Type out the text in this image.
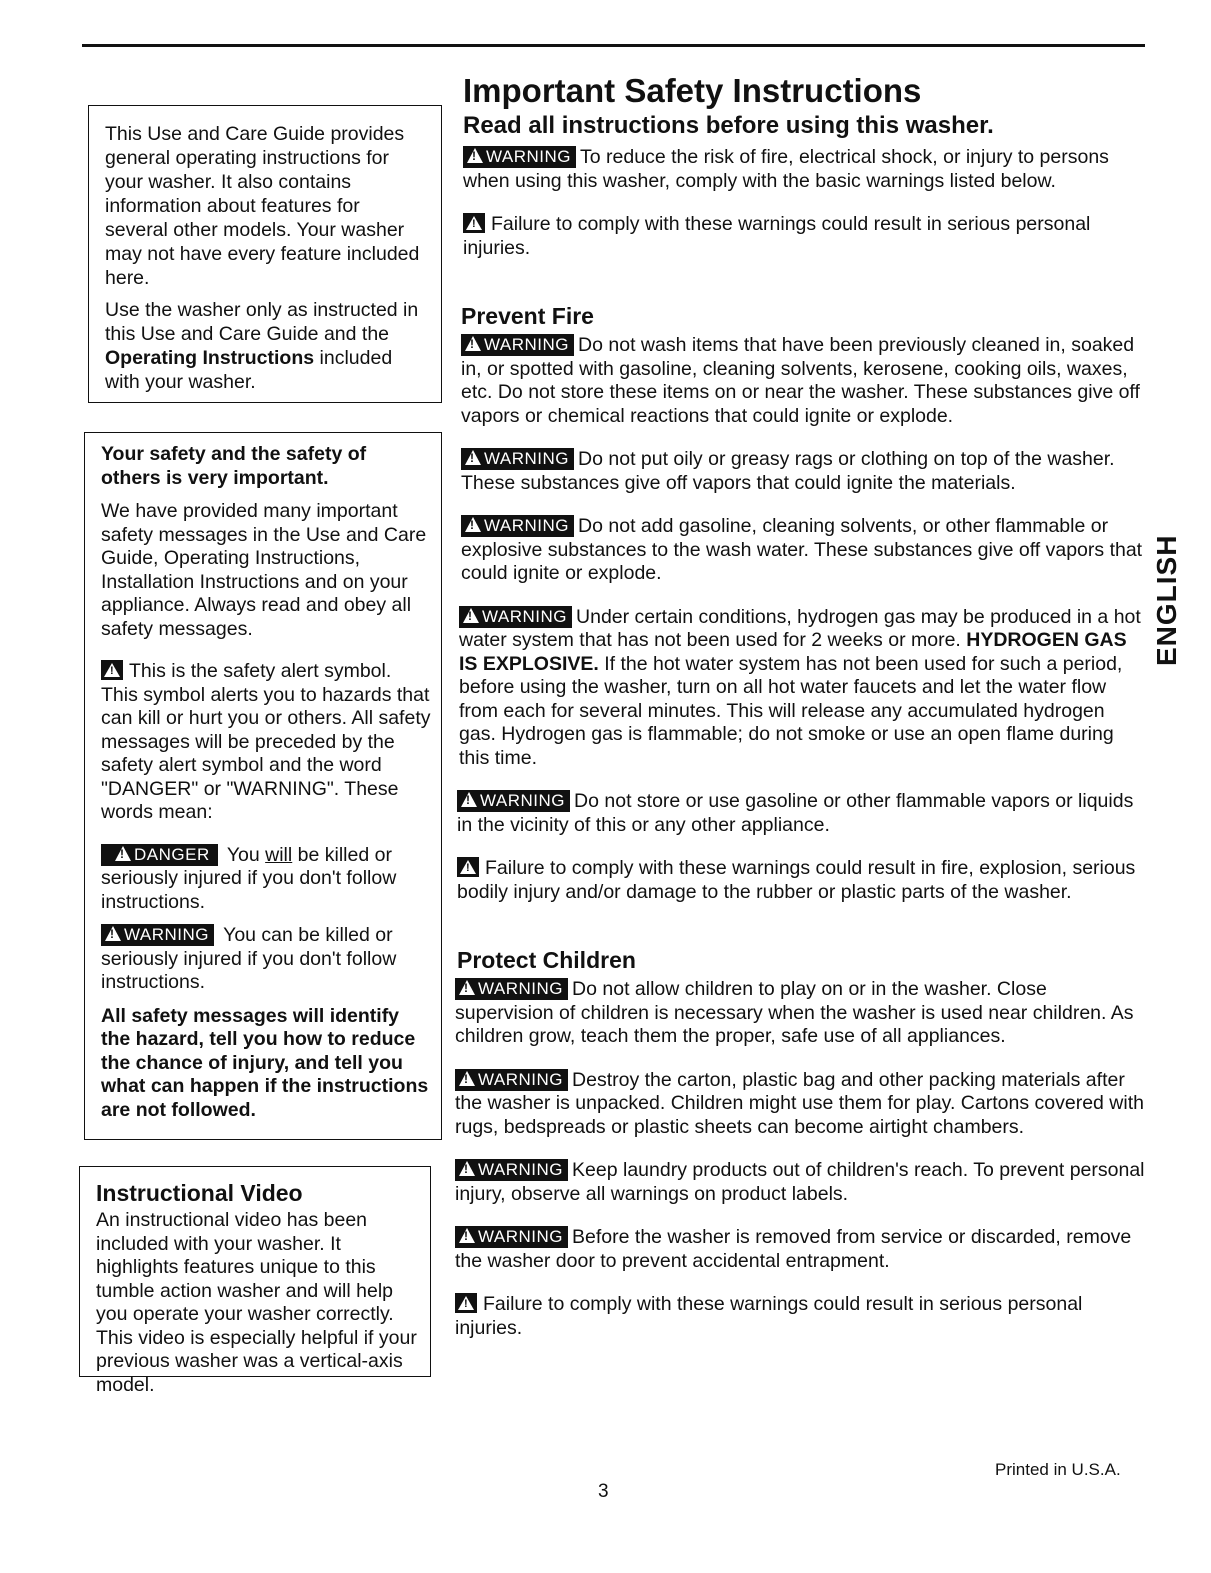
This Use and Care Guide provides general operating instructions for your washer. It also contains information about features for several other models. Your washer may not have every feature included here.

Use the washer only as instructed in this Use and Care Guide and the Operating Instructions included with your washer.

Your safety and the safety of others is very important.

We have provided many important safety messages in the Use and Care Guide, Operating Instructions, Installation Instructions and on your appliance. Always read and obey all safety messages.

!This is the safety alert symbol. This symbol alerts you to hazards that can kill or hurt you or others. All safety messages will be preceded by the safety alert symbol and the word "DANGER" or "WARNING". These words mean:

!DANGER You will be killed or seriously injured if you don't follow instructions.

!WARNING You can be killed or seriously injured if you don't follow instructions.

All safety messages will identify the hazard, tell you how to reduce the chance of injury, and tell you what can happen if the instructions are not followed.

Instructional Video

An instructional video has been included with your washer. It highlights features unique to this tumble action washer and will help you operate your washer correctly. This video is especially helpful if your previous washer was a vertical-axis model.

Important Safety Instructions
Read all instructions before using this washer.

!WARNING To reduce the risk of fire, electrical shock, or injury to persons when using this washer, comply with the basic warnings listed below.

!Failure to comply with these warnings could result in serious personal injuries.

Prevent Fire

!WARNING Do not wash items that have been previously cleaned in, soaked in, or spotted with gasoline, cleaning solvents, kerosene, cooking oils, waxes, etc. Do not store these items on or near the washer. These substances give off vapors or chemical reactions that could ignite or explode.

!WARNING Do not put oily or greasy rags or clothing on top of the washer. These substances give off vapors that could ignite the materials.

!WARNING Do not add gasoline, cleaning solvents, or other flammable or explosive substances to the wash water. These substances give off vapors that could ignite or explode.

!WARNING Under certain conditions, hydrogen gas may be produced in a hot water system that has not been used for 2 weeks or more. HYDROGEN GAS IS EXPLOSIVE. If the hot water system has not been used for such a period, before using the washer, turn on all hot water faucets and let the water flow from each for several minutes. This will release any accumulated hydrogen gas. Hydrogen gas is flammable; do not smoke or use an open flame during this time.

!WARNING Do not store or use gasoline or other flammable vapors or liquids in the vicinity of this or any other appliance.

!Failure to comply with these warnings could result in fire, explosion, serious bodily injury and/or damage to the rubber or plastic parts of the washer.

Protect Children

!WARNING Do not allow children to play on or in the washer. Close supervision of children is necessary when the washer is used near children. As children grow, teach them the proper, safe use of all appliances.

!WARNING Destroy the carton, plastic bag and other packing materials after the washer is unpacked. Children might use them for play. Cartons covered with rugs, bedspreads or plastic sheets can become airtight chambers.

!WARNING Keep laundry products out of children's reach. To prevent personal injury, observe all warnings on product labels.

!WARNING Before the washer is removed from service or discarded, remove the washer door to prevent accidental entrapment.

!Failure to comply with these warnings could result in serious personal injuries.

ENGLISH
Printed in U.S.A.
3
